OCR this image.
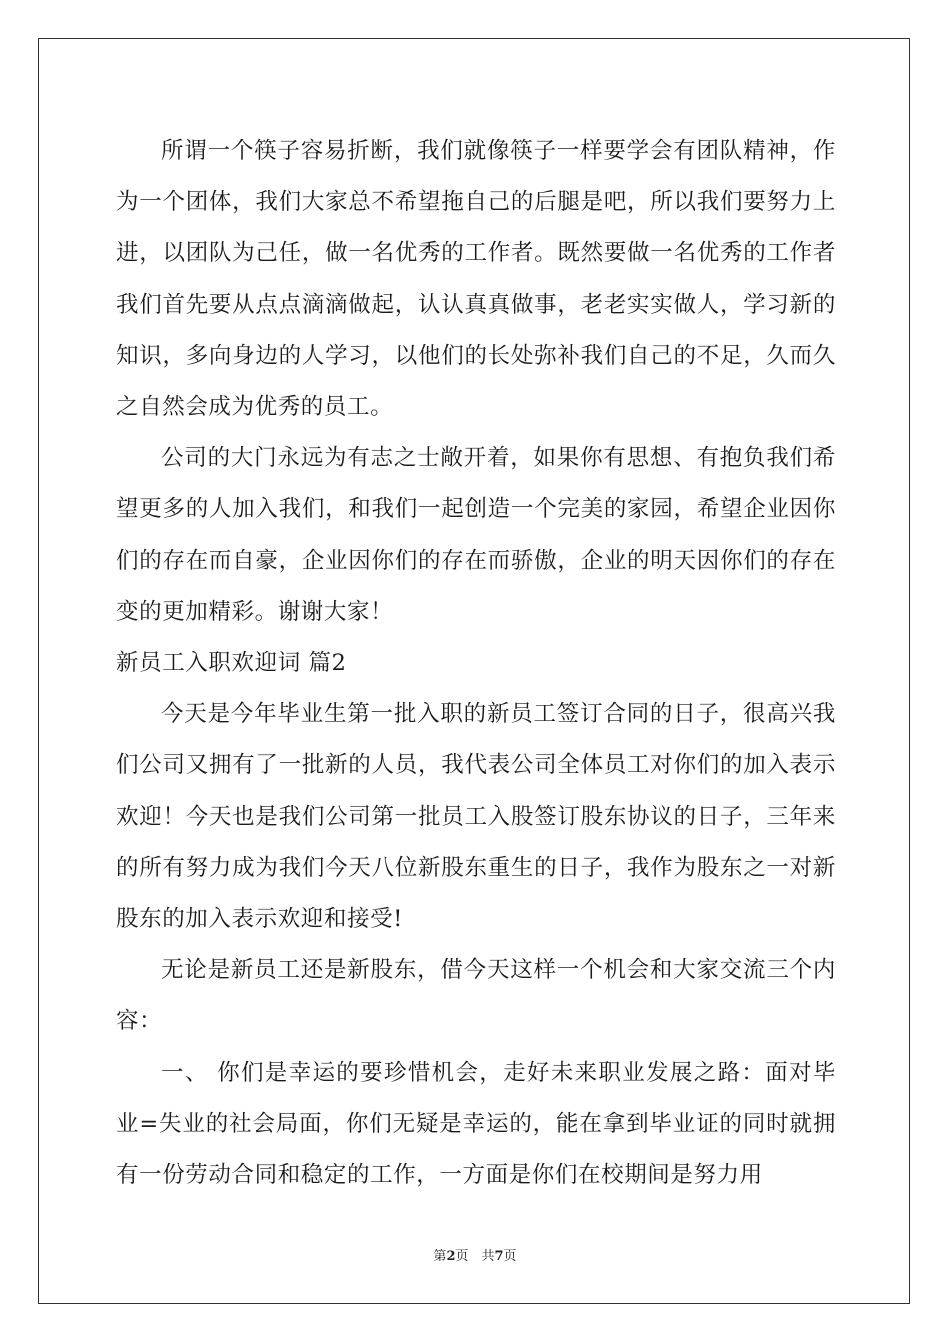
所谓一个筷子容易折断，我们就像筷子一样要学会有团队精神，作为一个团体，我们大家总不希望拖自己的后腿是吧，所以我们要努力上进，以团队为己任，做一名优秀的工作者。既然要做一名优秀的工作者我们首先要从点点滴滴做起，认认真真做事，老老实实做人，学习新的知识，多向身边的人学习，以他们的长处弥补我们自己的不足，久而久之自然会成为优秀的员工。

公司的大门永远为有志之士敞开着，如果你有思想、有抱负我们希望更多的人加入我们，和我们一起创造一个完美的家园，希望企业因你们的存在而自豪，企业因你们的存在而骄傲，企业的明天因你们的存在变的更加精彩。谢谢大家！

新员工入职欢迎词 篇2

今天是今年毕业生第一批入职的新员工签订合同的日子，很高兴我们公司又拥有了一批新的人员，我代表公司全体员工对你们的加入表示欢迎！今天也是我们公司第一批员工入股签订股东协议的日子，三年来的所有努力成为我们今天八位新股东重生的日子，我作为股东之一对新股东的加入表示欢迎和接受!

无论是新员工还是新股东，借今天这样一个机会和大家交流三个内容：

一、 你们是幸运的要珍惜机会，走好未来职业发展之路：面对毕业=失业的社会局面，你们无疑是幸运的，能在拿到毕业证的同时就拥有一份劳动合同和稳定的工作，一方面是你们在校期间是努力用

第2页　共7页
